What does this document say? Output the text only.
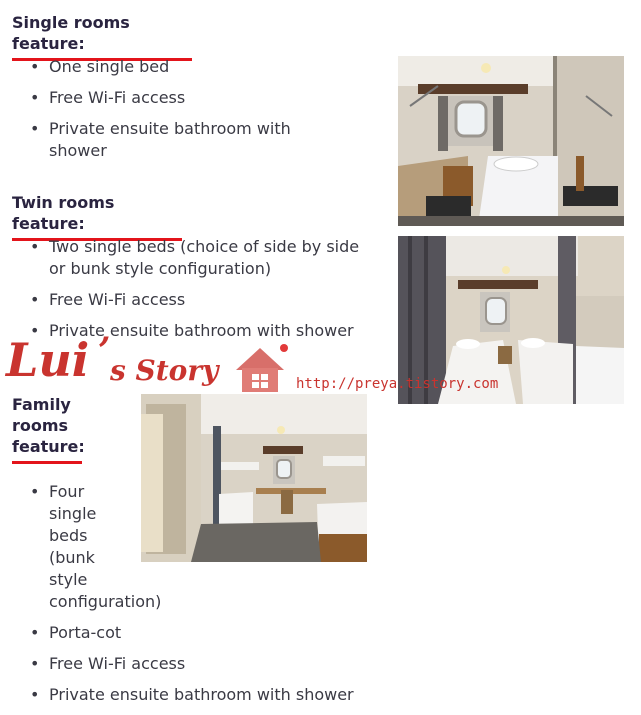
Single rooms feature:
• One single bed
• Free Wi-Fi access
• Private ensuite bathroom with shower
Twin rooms feature:
• Two single beds (choice of side by side or bunk style configuration)
• Free Wi-Fi access
• Private ensuite bathroom with shower
Family
rooms
feature:
• Four single beds (bunk style configuration)
• Porta-cot
• Free Wi-Fi access
• Private ensuite bathroom with shower
Lui ’ s Story	http://preya.tistory.com
